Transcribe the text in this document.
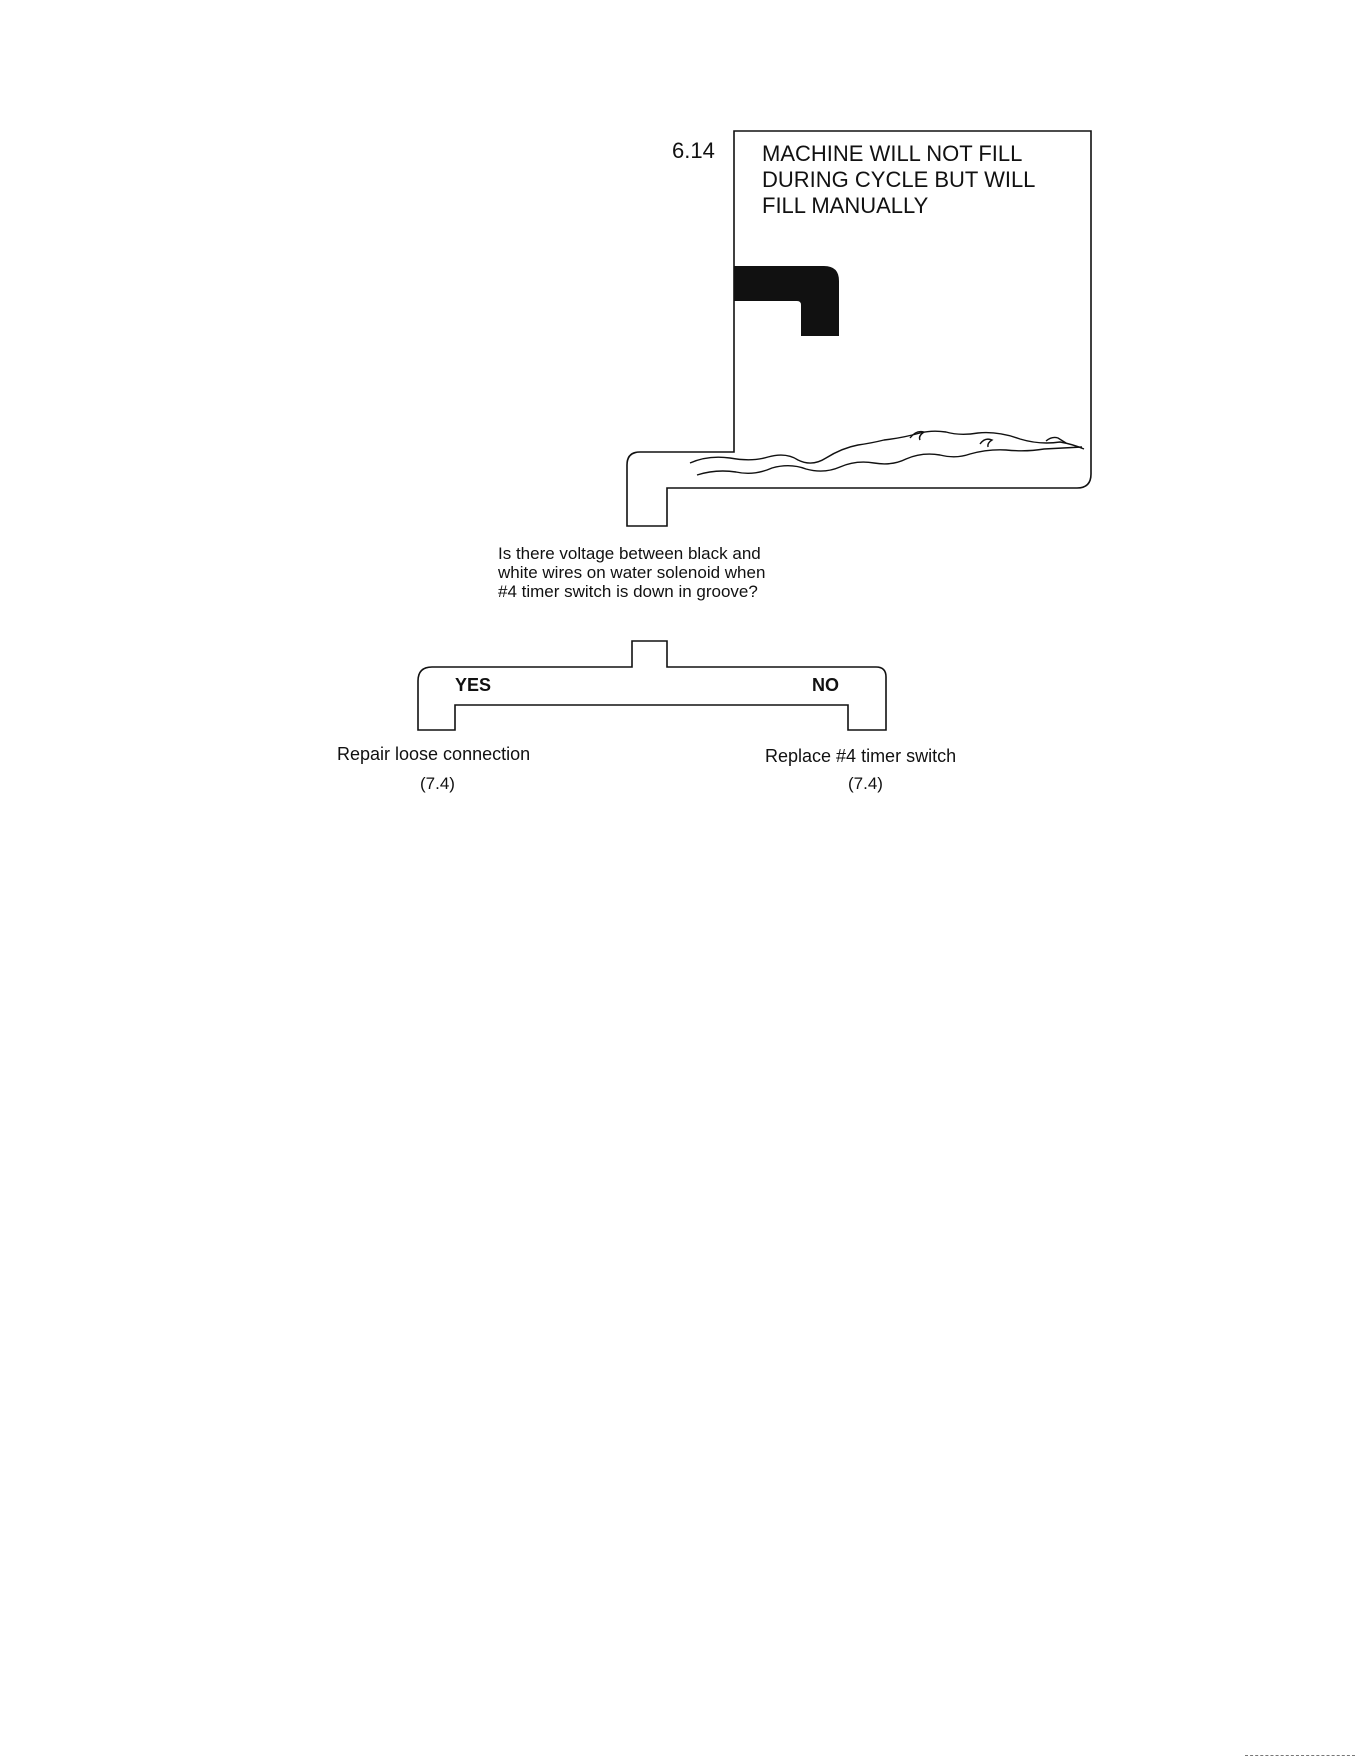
6.14 MACHINE WILL NOT FILL
DURING CYCLE BUT WILL
FILL MANUALLY
Is there voltage between black and
white wires on water solenoid when
#4 timer switch is down in groove?
YES	NO
Repair loose connection
(7.4)
Replace #4 timer switch
(7.4)
